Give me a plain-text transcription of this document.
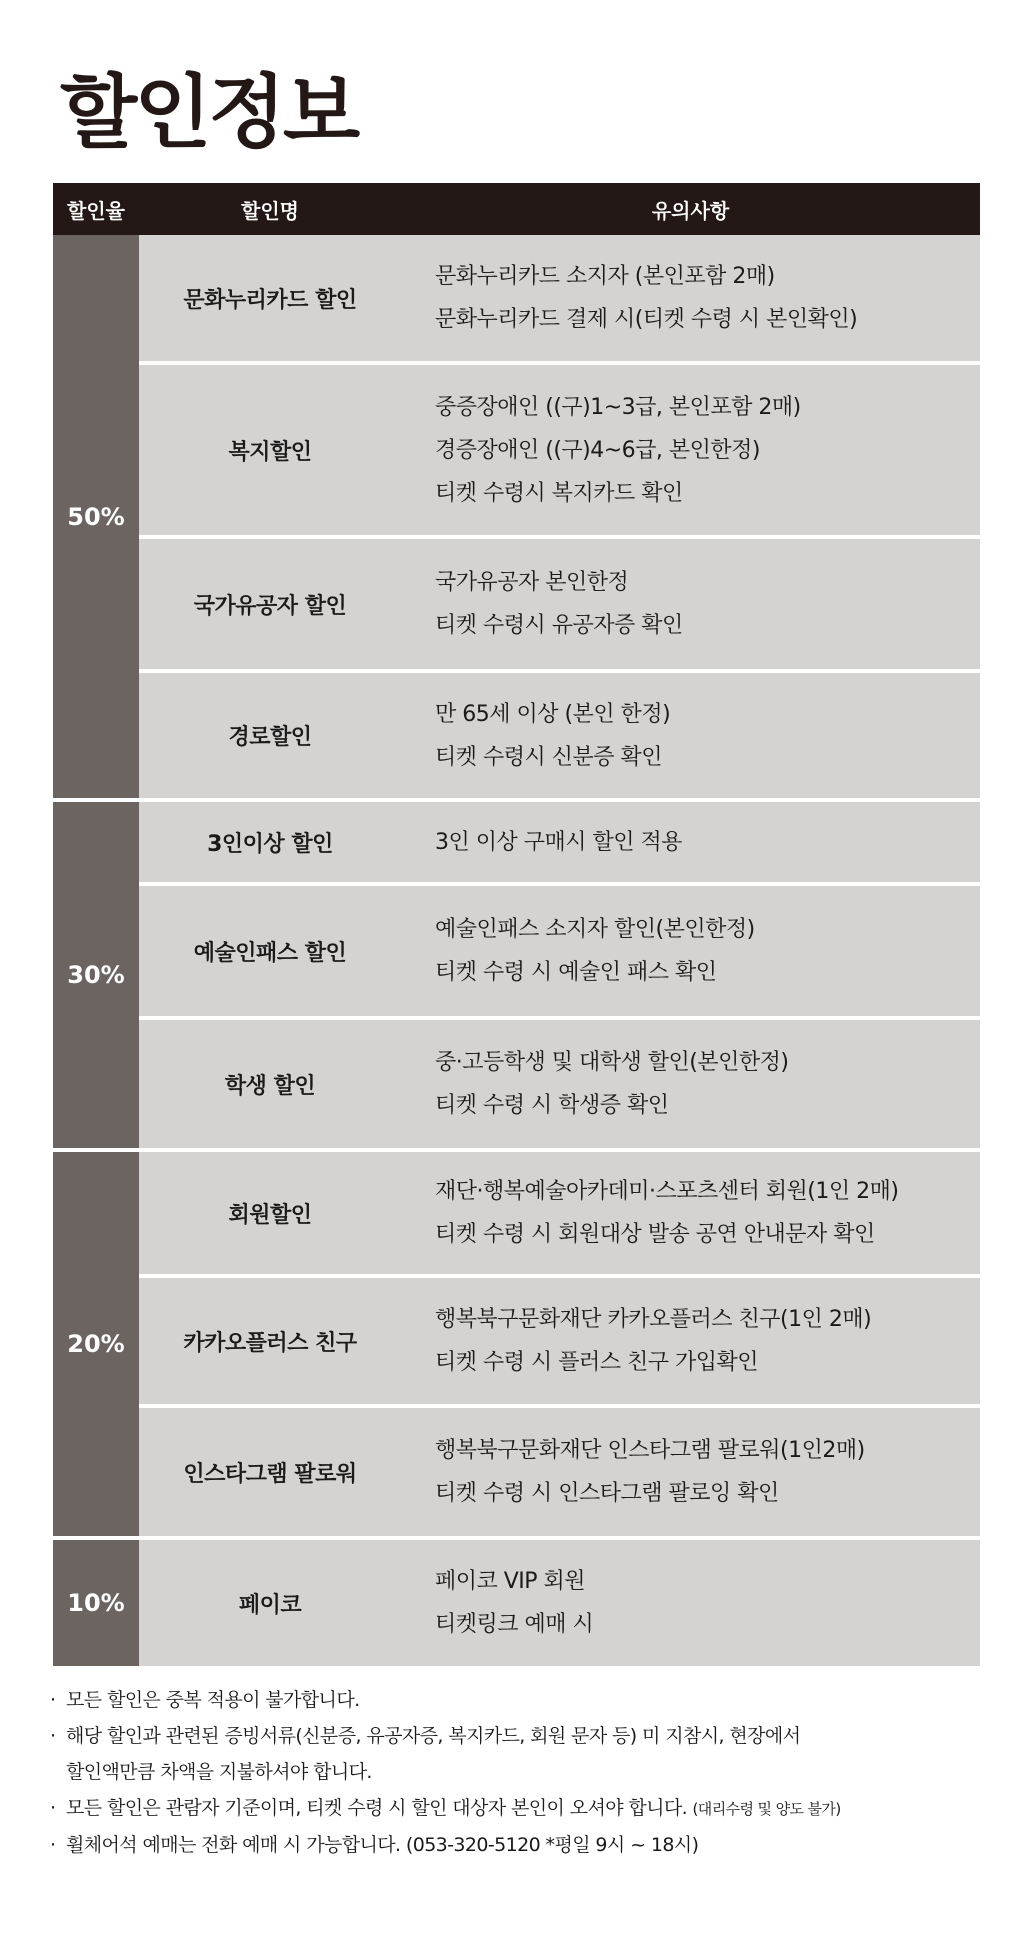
할인정보
할인율	할인명	유의사항
50%	문화누리카드 할인	문화누리카드 소지자 (본인포함 2매)
문화누리카드 결제 시(티켓 수령 시 본인확인)

	복지할인	중증장애인 ((구)1~3급, 본인포함 2매)
경증장애인 ((구)4~6급, 본인한정)
티켓 수령시 복지카드 확인

	국가유공자 할인	국가유공자 본인한정
티켓 수령시 유공자증 확인

	경로할인	만 65세 이상 (본인 한정)
티켓 수령시 신분증 확인

30%	3인이상 할인	3인 이상 구매시 할인 적용

	예술인패스 할인	예술인패스 소지자 할인(본인한정)
티켓 수령 시 예술인 패스 확인

	학생 할인	중·고등학생 및 대학생 할인(본인한정)
티켓 수령 시 학생증 확인

20%	회원할인	재단·행복예술아카데미·스포츠센터 회원(1인 2매)
티켓 수령 시 회원대상 발송 공연 안내문자 확인

	카카오플러스 친구	행복북구문화재단 카카오플러스 친구(1인 2매)
티켓 수령 시 플러스 친구 가입확인

	인스타그램 팔로워	행복북구문화재단 인스타그램 팔로워(1인2매)
티켓 수령 시 인스타그램 팔로잉 확인

10%	페이코	페이코 VIP 회원
티켓링크 예매 시
· 모든 할인은 중복 적용이 불가합니다.
· 해당 할인과 관련된 증빙서류(신분증, 유공자증, 복지카드, 회원 문자 등) 미 지참시, 현장에서
할인액만큼 차액을 지불하셔야 합니다.
· 모든 할인은 관람자 기준이며, 티켓 수령 시 할인 대상자 본인이 오셔야 합니다. (대리수령 및 양도 불가)
· 휠체어석 예매는 전화 예매 시 가능합니다. (053-320-5120 *평일 9시 ~ 18시)
